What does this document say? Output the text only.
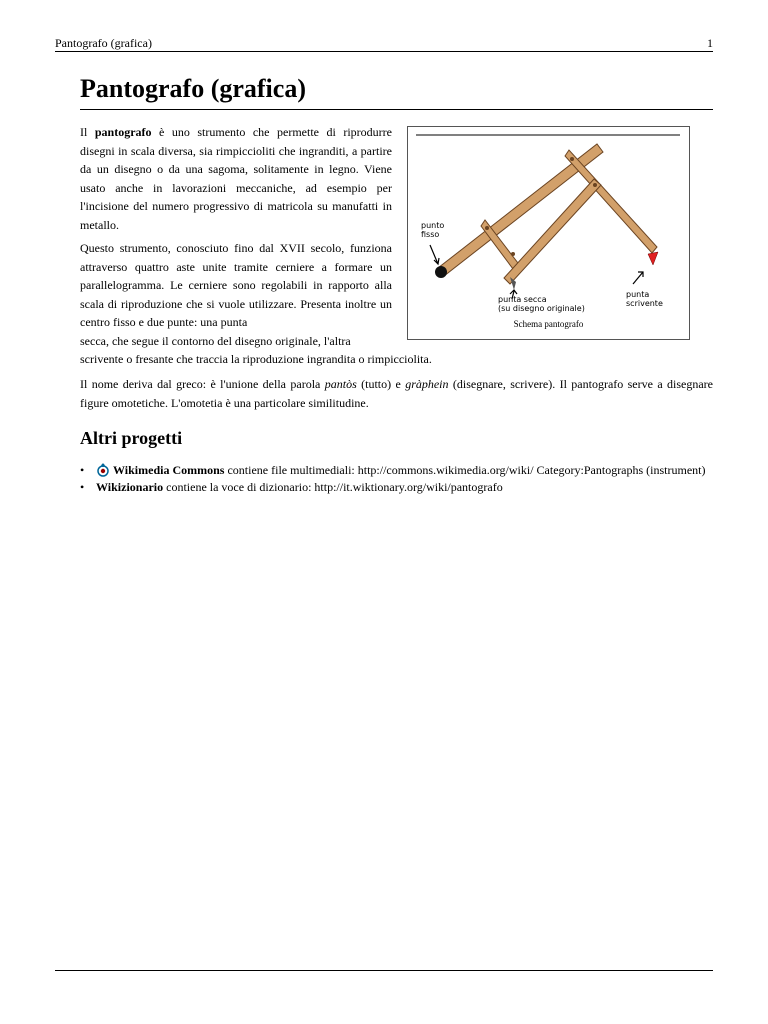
Pantografo (grafica)	1
Pantografo (grafica)

Il pantografo è uno strumento che permette di riprodurre disegni in scala diversa, sia rimpiccioliti che ingranditi, a partire da un disegno o da una sagoma, solitamente in legno. Viene usato anche in lavorazioni meccaniche, ad esempio per l'incisione del numero progressivo di matricola su manufatti in metallo.

Questo strumento, conosciuto fino dal XVII secolo, funziona attraverso quattro aste unite tramite cerniere a formare un parallelogramma. Le cerniere sono regolabili in rapporto alla scala di riproduzione che si vuole utilizzare. Presenta inoltre un centro fisso e due punte: una punta

secca, che segue il contorno del disegno originale, l'altra

scrivente o fresante che traccia la riproduzione ingrandita o rimpicciolita.

Il nome deriva dal greco: è l'unione della parola pantòs (tutto) e gràphein (disegnare, scrivere). Il pantografo serve a disegnare figure omotetiche. L'omotetia è una particolare similitudine.

punto
fisso
punta secca
(su disegno originale)
punta
scrivente
Schema pantografo
Altri progetti
• Wikimedia Commons contiene file multimediali: http://commons.wikimedia.org/wiki/ Category:Pantographs (instrument)
• Wikizionario contiene la voce di dizionario: http://it.wiktionary.org/wiki/pantografo
